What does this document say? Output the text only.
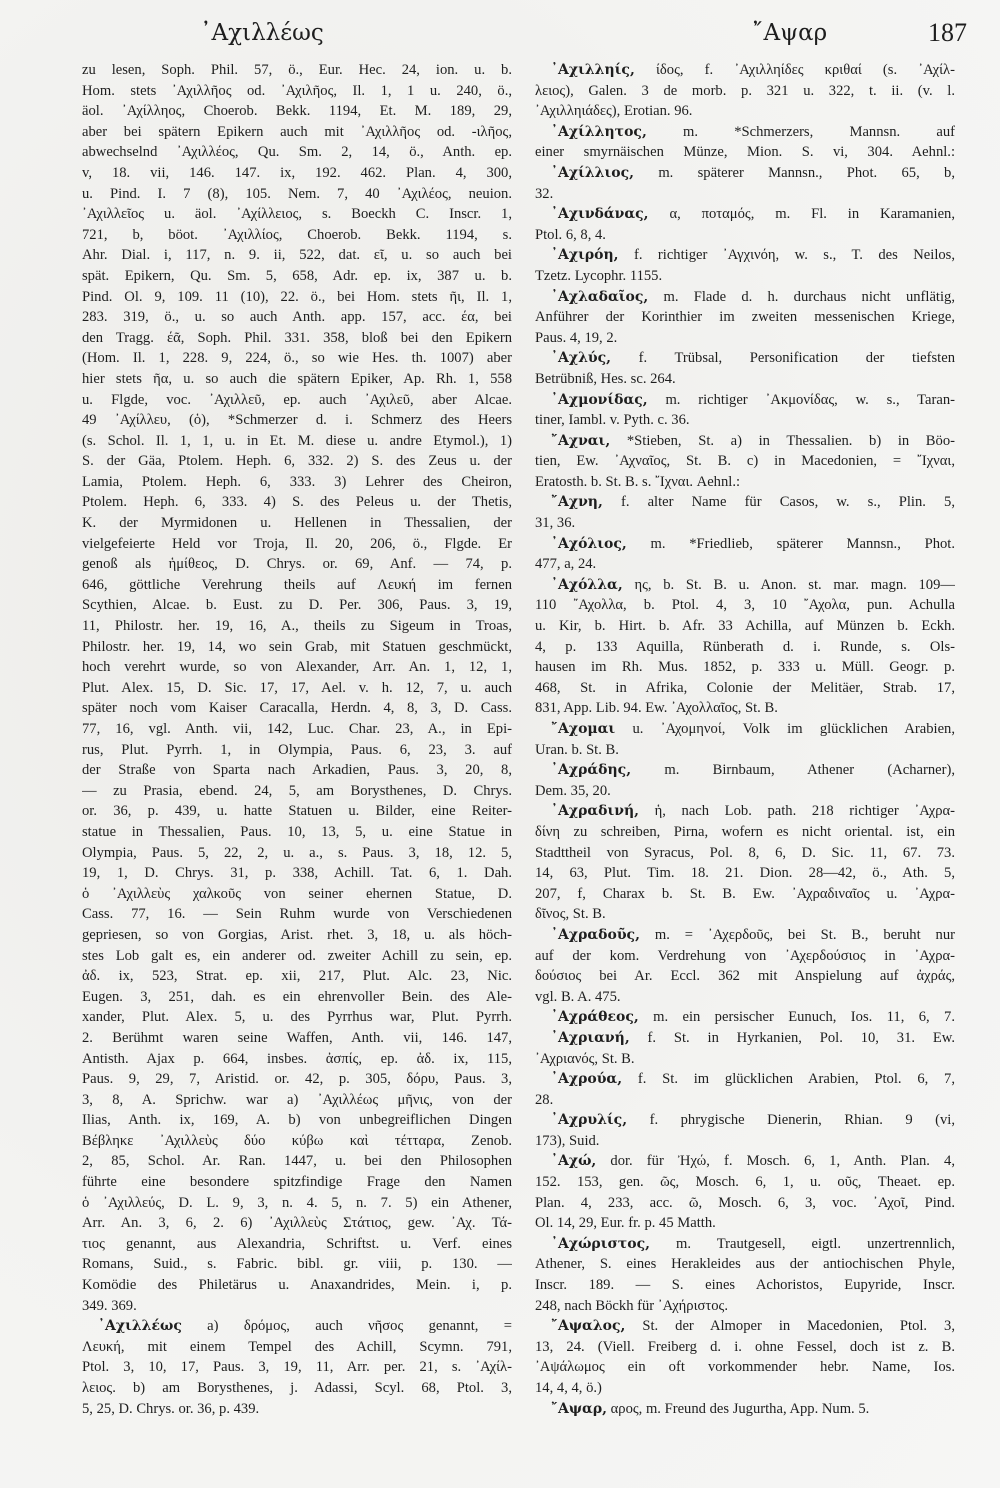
᾿Αχιλλέως	῎Αψαρ	187
zu lesen, Soph. Phil. 57, ö., Eur. Hec. 24, ion. u. b.
Hom. stets ᾿Αχιλλῆος od. ᾿Αχιλῆος, Il. 1, 1 u. 240, ö.,
äol. ᾿Αχίλληος, Choerob. Bekk. 1194, Et. M. 189, 29,
aber bei spätern Epikern auch mit ᾿Αχιλλῆος od. -ιλῆος,
abwechselnd ᾿Αχιλλέος, Qu. Sm. 2, 14, ö., Anth. ep.
v, 18. vii, 146. 147. ix, 192. 462. Plan. 4, 300,
u. Pind. I. 7 (8), 105. Nem. 7, 40 ᾿Αχιλέος, neuion.
᾿Αχιλλεῖος u. äol. ᾿Αχίλλειος, s. Boeckh C. Inscr. 1,
721, b, böot. ᾿Αχιλλίος, Choerob. Bekk. 1194, s.
Ahr. Dial. i, 117, n. 9. ii, 522, dat. εῖ, u. so auch bei
spät. Epikern, Qu. Sm. 5, 658, Adr. ep. ix, 387 u. b.
Pind. Ol. 9, 109. 11 (10), 22. ö., bei Hom. stets ῆι, Il. 1,
283. 319, ö., u. so auch Anth. app. 157, acc. έα, bei
den Tragg. έᾶ, Soph. Phil. 331. 358, bloß bei den Epikern
(Hom. Il. 1, 228. 9, 224, ö., so wie Hes. th. 1007) aber
hier stets ῆα, u. so auch die spätern Epiker, Ap. Rh. 1, 558
u. Flgde, voc. ᾿Αχιλλεῦ, ep. auch ᾿Αχιλεῦ, aber Alcae.
49 ᾿Αχίλλευ, (ὁ), *Schmerzer d. i. Schmerz des Heers
(s. Schol. Il. 1, 1, u. in Et. M. diese u. andre Etymol.), 1)
S. der Gäa, Ptolem. Heph. 6, 332. 2) S. des Zeus u. der
Lamia, Ptolem. Heph. 6, 333. 3) Lehrer des Cheiron,
Ptolem. Heph. 6, 333. 4) S. des Peleus u. der Thetis,
K. der Myrmidonen u. Hellenen in Thessalien, der
vielgefeierte Held vor Troja, Il. 20, 206, ö., Flgde. Er
genoß als ἡμίθεος, D. Chrys. or. 69, Anf. — 74, p.
646, göttliche Verehrung theils auf Λευκή im fernen
Scythien, Alcae. b. Eust. zu D. Per. 306, Paus. 3, 19,
11, Philostr. her. 19, 16, A., theils zu Sigeum in Troas,
Philostr. her. 19, 14, wo sein Grab, mit Statuen geschmückt,
hoch verehrt wurde, so von Alexander, Arr. An. 1, 12, 1,
Plut. Alex. 15, D. Sic. 17, 17, Ael. v. h. 12, 7, u. auch
später noch vom Kaiser Caracalla, Herdn. 4, 8, 3, D. Cass.
77, 16, vgl. Anth. vii, 142, Luc. Char. 23, A., in Epi-
rus, Plut. Pyrrh. 1, in Olympia, Paus. 6, 23, 3. auf
der Straße von Sparta nach Arkadien, Paus. 3, 20, 8,
— zu Prasia, ebend. 24, 5, am Borysthenes, D. Chrys.
or. 36, p. 439, u. hatte Statuen u. Bilder, eine Reiter-
statue in Thessalien, Paus. 10, 13, 5, u. eine Statue in
Olympia, Paus. 5, 22, 2, u. a., s. Paus. 3, 18, 12. 5,
19, 1, D. Chrys. 31, p. 338, Achill. Tat. 6, 1. Dah.
ὁ ᾿Αχιλλεὺς χαλκοῦς von seiner ehernen Statue, D.
Cass. 77, 16. — Sein Ruhm wurde von Verschiedenen
gepriesen, so von Gorgias, Arist. rhet. 3, 18, u. als höch-
stes Lob galt es, ein anderer od. zweiter Achill zu sein, ep.
ἀδ. ix, 523, Strat. ep. xii, 217, Plut. Alc. 23, Nic.
Eugen. 3, 251, dah. es ein ehrenvoller Bein. des Ale-
xander, Plut. Alex. 5, u. des Pyrrhus war, Plut. Pyrrh.
2. Berühmt waren seine Waffen, Anth. vii, 146. 147,
Antisth. Ajax p. 664, insbes. ἀσπίς, ep. ἀδ. ix, 115,
Paus. 9, 29, 7, Aristid. or. 42, p. 305, δόρυ, Paus. 3,
3, 8, A. Sprichw. war a) ᾿Αχιλλέως μῆνις, von der
Ilias, Anth. ix, 169, A. b) von unbegreiflichen Dingen
Βέβληκε ᾿Αχιλλεὺς δύο κύβω καὶ τέτταρα, Zenob.
2, 85, Schol. Ar. Ran. 1447, u. bei den Philosophen
führte eine besondere spitzfindige Frage den Namen
ὁ ᾿Αχιλλεύς, D. L. 9, 3, n. 4. 5, n. 7. 5) ein Athener,
Arr. An. 3, 6, 2. 6) ᾿Αχιλλεὺς Στάτιος, gew. ᾿Αχ. Τά-
τιος genannt, aus Alexandria, Schriftst. u. Verf. eines
Romans, Suid., s. Fabric. bibl. gr. viii, p. 130. —
Komödie des Philetärus u. Anaxandrides, Mein. i, p.
349. 369.
᾿Αχιλλέως a) δρόμος, auch νῆσος genannt, =
Λευκή, mit einem Tempel des Achill, Scymn. 791,
Ptol. 3, 10, 17, Paus. 3, 19, 11, Arr. per. 21, s. ᾿Αχίλ-
λειος. b) am Borysthenes, j. Adassi, Scyl. 68, Ptol. 3,
5, 25, D. Chrys. or. 36, p. 439.
᾿Αχιλληίς, ίδος, f. ᾿Αχιλληίδες κριθαί (s. ᾿Αχίλ-
λειος), Galen. 3 de morb. p. 321 u. 322, t. ii. (v. l.
᾿Αχιλληιάδες), Erotian. 96.
᾿Αχίλλητος, m. *Schmerzers, Mannsn. auf
einer smyrnäischen Münze, Mion. S. vi, 304. Aehnl.:
᾿Αχίλλιος, m. späterer Mannsn., Phot. 65, b,
32.
᾿Αχινδάνας, α, ποταμός, m. Fl. in Karamanien,
Ptol. 6, 8, 4.
᾿Αχιρόη, f. richtiger ᾿Αγχινόη, w. s., T. des Neilos,
Tzetz. Lycophr. 1155.
᾿Αχλαδαῖος, m. Flade d. h. durchaus nicht unflätig,
Anführer der Korinthier im zweiten messenischen Kriege,
Paus. 4, 19, 2.
᾿Αχλύς, f. Trübsal, Personification der tiefsten
Betrübniß, Hes. sc. 264.
᾿Αχμονίδας, m. richtiger ᾿Ακμονίδας, w. s., Taran-
tiner, Iambl. v. Pyth. c. 36.
῎Αχναι, *Stieben, St. a) in Thessalien. b) in Böo-
tien, Ew. ᾿Αχναῖος, St. B. c) in Macedonien, = ῎Ιχναι,
Eratosth. b. St. B. s. ῎Ιχναι. Aehnl.:
῎Αχνη, f. alter Name für Casos, w. s., Plin. 5,
31, 36.
᾿Αχόλιος, m. *Friedlieb, späterer Mannsn., Phot.
477, a, 24.
᾿Αχόλλα, ης, b. St. B. u. Anon. st. mar. magn. 109—
110 ῎Αχολλα, b. Ptol. 4, 3, 10 ῎Αχολα, pun. Achulla
u. Kir, b. Hirt. b. Afr. 33 Achilla, auf Münzen b. Eckh.
4, p. 133 Aquilla, Rünberath d. i. Runde, s. Ols-
hausen im Rh. Mus. 1852, p. 333 u. Müll. Geogr. p.
468, St. in Afrika, Colonie der Melitäer, Strab. 17,
831, App. Lib. 94. Ew. ᾿Αχολλαῖος, St. B.
῎Αχομαι u. ᾿Αχομηνοί, Volk im glücklichen Arabien,
Uran. b. St. B.
᾿Αχράδης, m. Birnbaum, Athener (Acharner),
Dem. 35, 20.
᾿Αχραδινή, ἡ, nach Lob. path. 218 richtiger ᾿Αχρα-
δίνη zu schreiben, Pirna, wofern es nicht oriental. ist, ein
Stadttheil von Syracus, Pol. 8, 6, D. Sic. 11, 67. 73.
14, 63, Plut. Tim. 18. 21. Dion. 28—42, ö., Ath. 5,
207, f, Charax b. St. B. Ew. ᾿Αχραδιναῖος u. ᾿Αχρα-
δῖνος, St. B.
᾿Αχραδοῦς, m. = ᾿Αχερδοῦς, bei St. B., beruht nur
auf der kom. Verdrehung von ᾿Αχερδούσιος in ᾿Αχρα-
δούσιος bei Ar. Eccl. 362 mit Anspielung auf ἀχράς,
vgl. B. A. 475.
᾿Αχράθεος, m. ein persischer Eunuch, Ios. 11, 6, 7.
᾿Αχριανή, f. St. in Hyrkanien, Pol. 10, 31. Ew.
᾿Αχριανός, St. B.
᾿Αχρούα, f. St. im glücklichen Arabien, Ptol. 6, 7,
28.
᾿Αχρυλίς, f. phrygische Dienerin, Rhian. 9 (vi,
173), Suid.
᾿Αχώ, dor. für Ἠχώ, f. Mosch. 6, 1, Anth. Plan. 4,
152. 153, gen. ῶς, Mosch. 6, 1, u. οῦς, Theaet. ep.
Plan. 4, 233, acc. ῶ, Mosch. 6, 3, voc. ᾿Αχοῖ, Pind.
Ol. 14, 29, Eur. fr. p. 45 Matth.
᾿Αχώριστος, m. Trautgesell, eigtl. unzertrennlich,
Athener, S. eines Herakleides aus der antiochischen Phyle,
Inscr. 189. — S. eines Achoristos, Eupyride, Inscr.
248, nach Böckh für ᾿Αχήριστος.
῎Αψαλος, St. der Almoper in Macedonien, Ptol. 3,
13, 24. (Viell. Freiberg d. i. ohne Fessel, doch ist z. B.
᾿Αψάλωμος ein oft vorkommender hebr. Name, Ios.
14, 4, 4, ö.)
῎Αψαρ, αρος, m. Freund des Jugurtha, App. Num. 5.
